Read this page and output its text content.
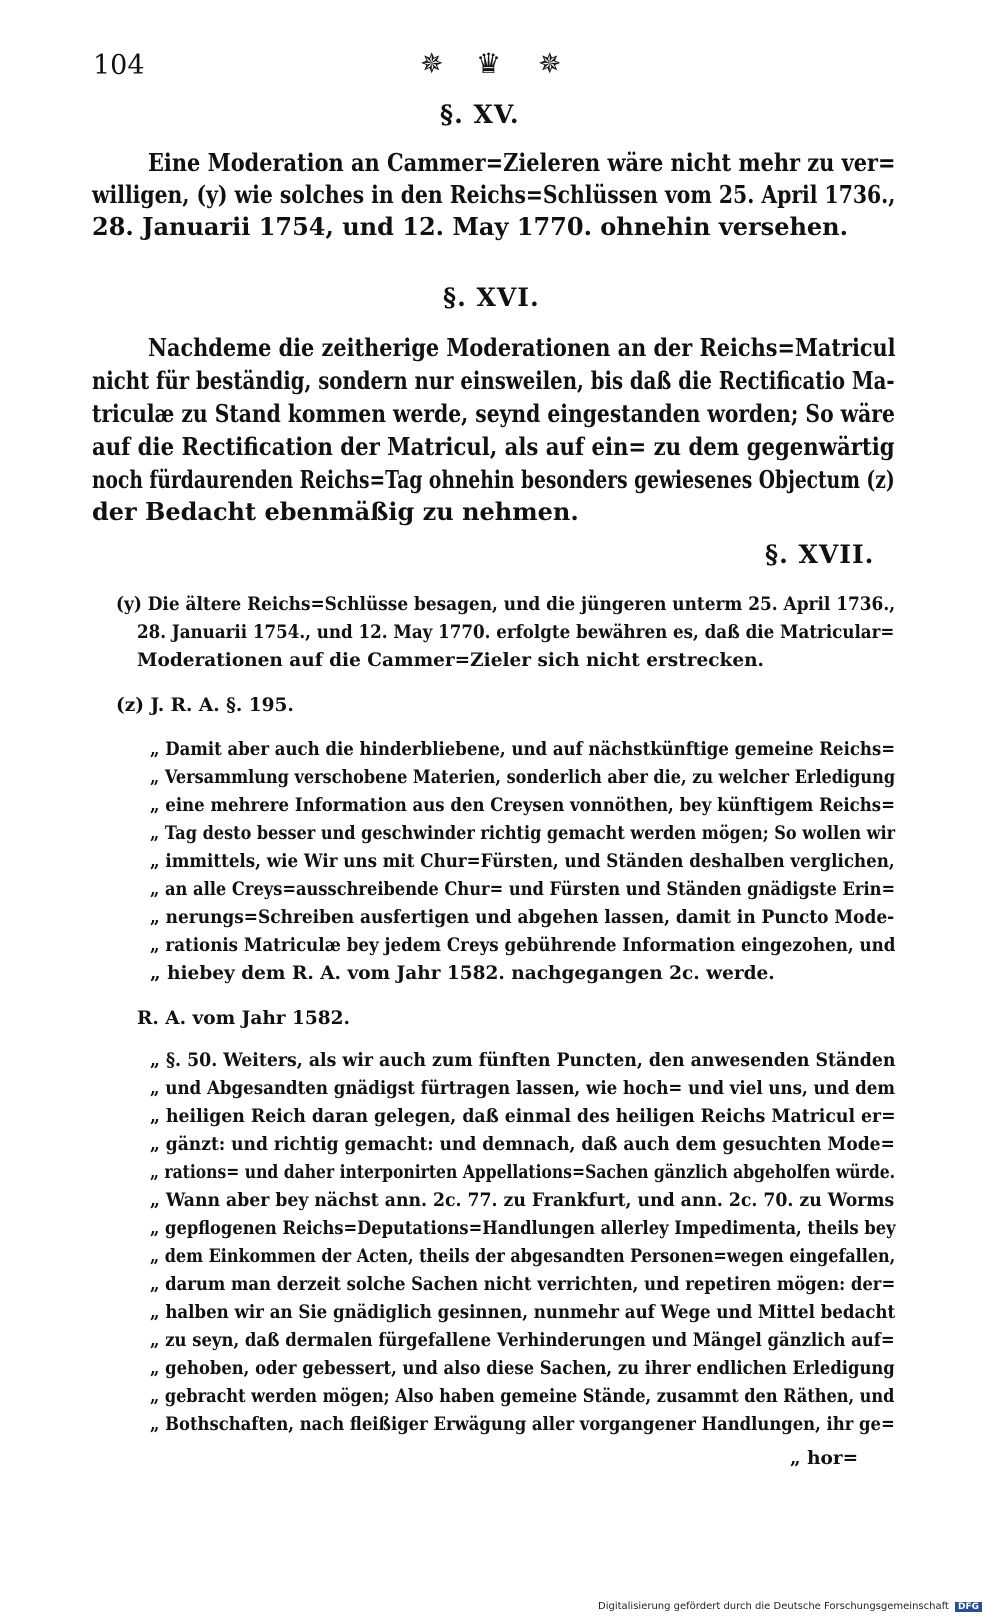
104	✵ ♛ ✵
§. XV.
Eine Moderation an Cammer=Zieleren wäre nicht mehr zu ver=
willigen, (y) wie solches in den Reichs=Schlüssen vom 25. April 1736.,
28. Januarii 1754, und 12. May 1770. ohnehin versehen.
§. XVI.
Nachdeme die zeitherige Moderationen an der Reichs=Matricul
nicht für beständig, sondern nur einsweilen, bis daß die Rectificatio Ma-
triculæ zu Stand kommen werde, seynd eingestanden worden; So wäre
auf die Rectification der Matricul, als auf ein= zu dem gegenwärtig
noch fürdaurenden Reichs=Tag ohnehin besonders gewiesenes Objectum (z)
der Bedacht ebenmäßig zu nehmen.
§. XVII.
(y) Die ältere Reichs=Schlüsse besagen, und die jüngeren unterm 25. April 1736.,
28. Januarii 1754., und 12. May 1770. erfolgte bewähren es, daß die Matricular=
Moderationen auf die Cammer=Zieler sich nicht erstrecken.
(z) J. R. A. §. 195.
„ Damit aber auch die hinderbliebene, und auf nächstkünftige gemeine Reichs=
„ Versammlung verschobene Materien, sonderlich aber die, zu welcher Erledigung
„ eine mehrere Information aus den Creysen vonnöthen, bey künftigem Reichs=
„ Tag desto besser und geschwinder richtig gemacht werden mögen; So wollen wir
„ immittels, wie Wir uns mit Chur=Fürsten, und Ständen deshalben verglichen,
„ an alle Creys=ausschreibende Chur= und Fürsten und Ständen gnädigste Erin=
„ nerungs=Schreiben ausfertigen und abgehen lassen, damit in Puncto Mode-
„ rationis Matriculæ bey jedem Creys gebührende Information eingezohen, und
„ hiebey dem R. A. vom Jahr 1582. nachgegangen 2c. werde.
R. A. vom Jahr 1582.
„ §. 50. Weiters, als wir auch zum fünften Puncten, den anwesenden Ständen
„ und Abgesandten gnädigst fürtragen lassen, wie hoch= und viel uns, und dem
„ heiligen Reich daran gelegen, daß einmal des heiligen Reichs Matricul er=
„ gänzt: und richtig gemacht: und demnach, daß auch dem gesuchten Mode=
„ rations= und daher interponirten Appellations=Sachen gänzlich abgeholfen würde.
„ Wann aber bey nächst ann. 2c. 77. zu Frankfurt, und ann. 2c. 70. zu Worms
„ gepflogenen Reichs=Deputations=Handlungen allerley Impedimenta, theils bey
„ dem Einkommen der Acten, theils der abgesandten Personen=wegen eingefallen,
„ darum man derzeit solche Sachen nicht verrichten, und repetiren mögen: der=
„ halben wir an Sie gnädiglich gesinnen, nunmehr auf Wege und Mittel bedacht
„ zu seyn, daß dermalen fürgefallene Verhinderungen und Mängel gänzlich auf=
„ gehoben, oder gebessert, und also diese Sachen, zu ihrer endlichen Erledigung
„ gebracht werden mögen; Also haben gemeine Stände, zusammt den Räthen, und
„ Bothschaften, nach fleißiger Erwägung aller vorgangener Handlungen, ihr ge=
„ hor=
Digitalisierung gefördert durch die Deutsche Forschungsgemeinschaft DFG
